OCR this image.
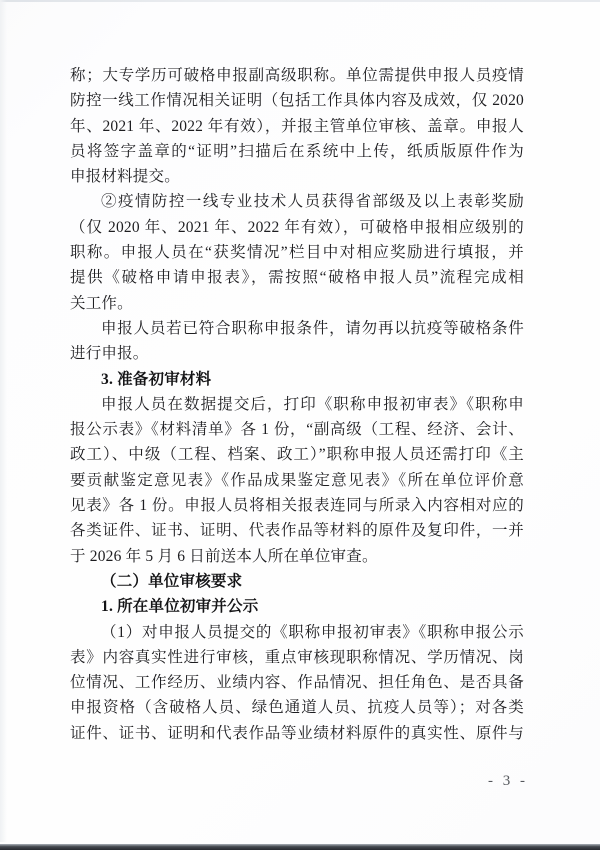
称；大专学历可破格申报副高级职称。单位需提供申报人员疫情
防控一线工作情况相关证明（包括工作具体内容及成效，仅 2020
年、2021 年、2022 年有效），并报主管单位审核、盖章。申报人
员将签字盖章的“证明”扫描后在系统中上传，纸质版原件作为
申报材料提交。
②疫情防控一线专业技术人员获得省部级及以上表彰奖励
（仅 2020 年、2021 年、2022 年有效），可破格申报相应级别的
职称。申报人员在“获奖情况”栏目中对相应奖励进行填报，并
提供《破格申请申报表》，需按照“破格申报人员”流程完成相
关工作。
申报人员若已符合职称申报条件，请勿再以抗疫等破格条件
进行申报。
3. 准备初审材料
申报人员在数据提交后，打印《职称申报初审表》《职称申
报公示表》《材料清单》各 1 份，“副高级（工程、经济、会计、
政工）、中级（工程、档案、政工）”职称申报人员还需打印《主
要贡献鉴定意见表》《作品成果鉴定意见表》《所在单位评价意
见表》各 1 份。申报人员将相关报表连同与所录入内容相对应的
各类证件、证书、证明、代表作品等材料的原件及复印件，一并
于 2026 年 5 月 6 日前送本人所在单位审查。
（二）单位审核要求
1. 所在单位初审并公示
（1）对申报人员提交的《职称申报初审表》《职称申报公示
表》内容真实性进行审核，重点审核现职称情况、学历情况、岗
位情况、工作经历、业绩内容、作品情况、担任角色、是否具备
申报资格（含破格人员、绿色通道人员、抗疫人员等）；对各类
证件、证书、证明和代表作品等业绩材料原件的真实性、原件与
- 3 -
